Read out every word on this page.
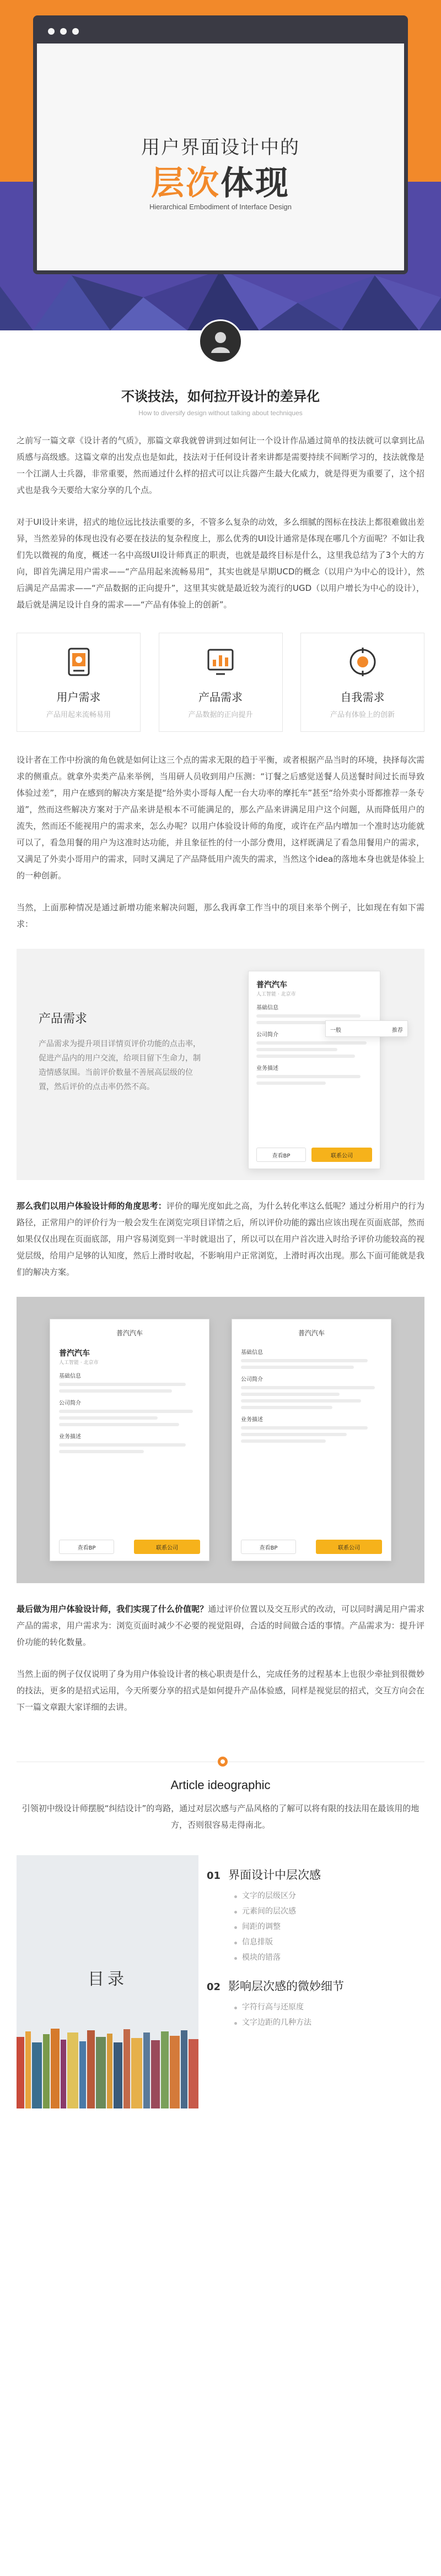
用户界面设计中的
层次体现
Hierarchical Embodiment of Interface Design
不谈技法，如何拉开设计的差异化
How to diversify design without talking about techniques

之前写一篇文章《设计者的气质》，那篇文章我就曾讲到过如何让一个设计作品通过简单的技法就可以拿到比品质感与高级感。这篇文章的出发点也是如此，技法对于任何设计者来讲都是需要持续不间断学习的，技法就像是一个江湖人士兵器，非常重要，然而通过什么样的招式可以让兵器产生最大化威力，就是得更为重要了，这个招式也是我今天要给大家分享的几个点。

对于UI设计来讲，招式的地位远比技法重要的多，不管多么复杂的动效，多么细腻的图标在技法上都很难做出差异，当然差异的体现也没有必要在技法的复杂程度上，那么优秀的UI设计通常是体现在哪几个方面呢？不如让我们先以微视的角度，概述一名中高级UI设计师真正的职责，也就是最终目标是什么，这里我总结为了3个大的方向，即首先满足用户需求——“产品用起来流畅易用”，其实也就是早期UCD的概念（以用户为中心的设计），然后满足产品需求——“产品数据的正向提升”，这里其实就是最近较为流行的UGD（以用户增长为中心的设计），最后就是满足设计自身的需求——“产品有体验上的创新”。

用户需求
产品用起来流畅易用
产品需求
产品数据的正向提升
自我需求
产品有体验上的创新

设计者在工作中扮演的角色就是如何让这三个点的需求无限的趋于平衡，或者根据产品当时的环境，抉择每次需求的侧重点。就拿外卖类产品来举例，当用研人员收到用户压测：“订餐之后感觉送餐人员送餐时间过长而导致体验过差”，用户在感到的解决方案是提“给外卖小哥每人配一台大功率的摩托车”甚至“给外卖小哥都推荐一条专道”，然而这些解决方案对于产品来讲是根本不可能满足的，那么产品来讲满足用户这个问题，从而降低用户的流失，然而还不能视用户的需求来，怎么办呢？以用户体验设计师的角度，或许在产品内增加一个准时达功能就可以了，看急用餐的用户为这准时达功能，并且象征性的付一小部分费用，这样既满足了看急用餐用户的需求，又满足了外卖小哥用户的需求，同时又满足了产品降低用户流失的需求，当然这个idea的落地本身也就是体验上的一种创新。

当然，上面那种情况是通过新增功能来解决问题，那么我再拿工作当中的项目来举个例子，比如现在有如下需求：

产品需求
产品需求为提升项目详情页评价功能的点击率，促进产品内的用户交流，给项目留下生命力，制造情感氛围。当前评价数量不善展高层级的位置，然后评价的点击率仍然不高。
普汽汽车
人工智能 · 北京市
基础信息
公司简介
业务描述
查看BP	联系公司
一般	推荐

那么我们以用户体验设计师的角度思考：评价的曝光度如此之高，为什么转化率这么低呢？通过分析用户的行为路径，正常用户的评价行为一般会发生在浏览完项目详情之后，所以评价功能的露出应该出现在页面底部，然而如果仅仅出现在页面底部，用户容易浏览到一半时就退出了，所以可以在用户首次进入时给予评价功能较高的视觉层级，给用户足够的认知度，然后上滑时收起，不影响用户正常浏览，上滑时再次出现。那么下面可能就是我们的解决方案。

普汽汽车
普汽汽车
人工智能 · 北京市
基础信息
公司简介
业务描述
查看BP	联系公司
普汽汽车
基础信息
公司简介
业务描述
查看BP	联系公司

最后做为用户体验设计师，我们实现了什么价值呢？通过评价位置以及交互形式的改动，可以同时满足用户需求产品的需求，用户需求为：浏览页面时减少不必要的视觉阻碍，合适的时间做合适的事情。产品需求为：提升评价功能的转化数量。

当然上面的例子仅仅说明了身为用户体验设计者的核心职责是什么，完成任务的过程基本上也很少牵扯到很微妙的技法，更多的是招式运用，今天所要分享的招式是如何提升产品体验感，同样是视觉层的招式，交互方向会在下一篇文章跟大家详细的去讲。

Article ideographic

引领初中级设计师摆脱“纠结设计”的弯路，通过对层次感与产品风格的了解可以将有限的技法用在最该用的地方，否则很容易走得南北。

目录
01 界面设计中层次感
文字的层级区分
元素间的层次感
间距的调整
信息排版
模块的错落
02 影响层次感的微妙细节
字符行高与还原度
文字边距的几种方法
